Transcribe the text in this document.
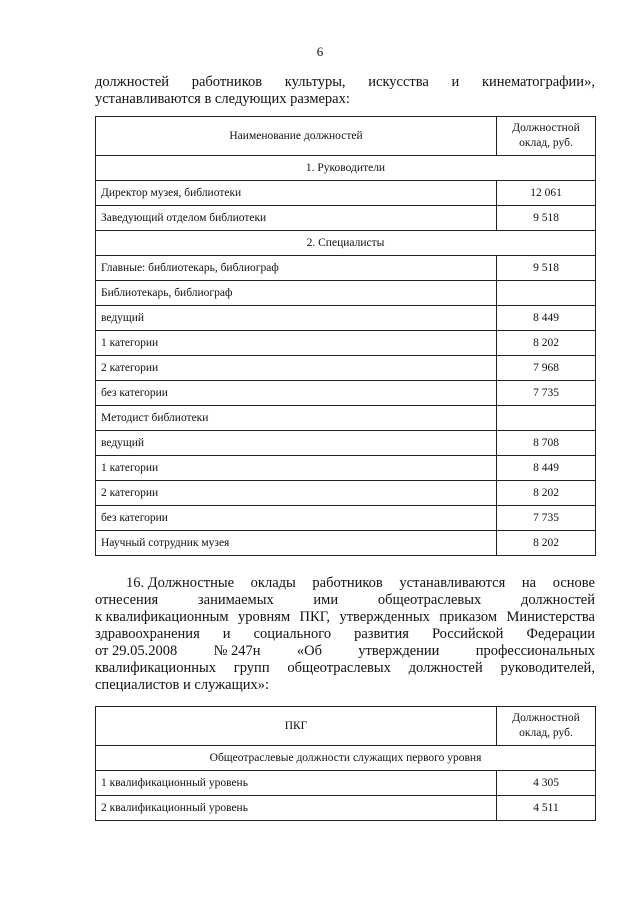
6
должностей работников культуры, искусства и кинематографии»,
устанавливаются в следующих размерах:
Наименование должностей	Должностной
оклад, руб.
1. Руководители	
Директор музея, библиотеки	12 061
Заведующий отделом библиотеки	9 518
2. Специалисты	
Главные: библиотекарь, библиограф	9 518
Библиотекарь, библиограф	
ведущий	8 449
1 категории	8 202
2 категории	7 968
без категории	7 735
Методист библиотеки	
ведущий	8 708
1 категории	8 449
2 категории	8 202
без категории	7 735
Научный сотрудник музея	8 202
16. Должностные оклады работников устанавливаются на основе
отнесения	занимаемых	ими	общеотраслевых	должностей
к квалификационным уровням ПКГ, утвержденных приказом Министерства
здравоохранения и социального развития Российской Федерации
от 29.05.2008	№ 247н	«Об	утверждении	профессиональных
квалификационных групп общеотраслевых должностей руководителей,
специалистов и служащих»:
ПКГ	Должностной
оклад, руб.
Общеотраслевые должности служащих первого уровня	
1 квалификационный уровень	4 305
2 квалификационный уровень	4 511
